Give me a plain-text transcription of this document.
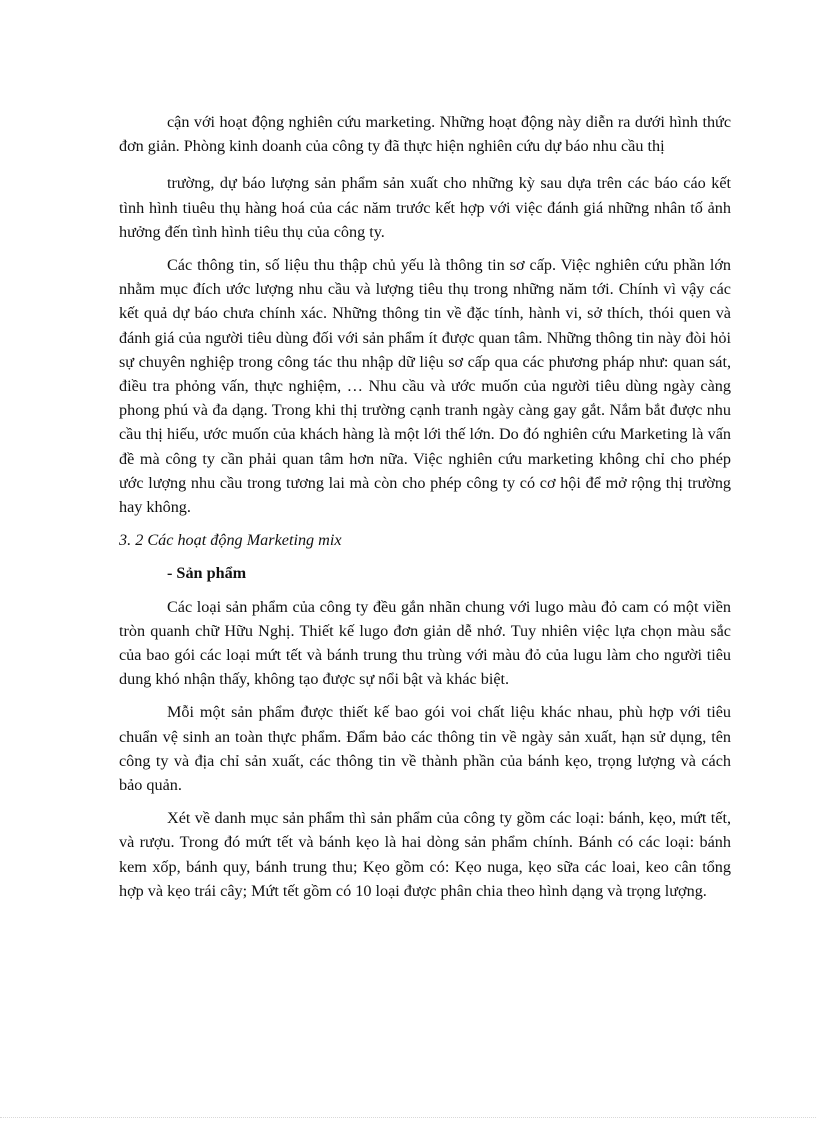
cận với hoạt động nghiên cứu marketing. Những hoạt động này diễn ra dưới hình thức đơn giản. Phòng kinh doanh của công ty đã thực hiện nghiên cứu dự báo nhu cầu thị

trường, dự báo lượng sản phẩm sản xuất cho những kỳ sau dựa trên các báo cáo kết tình hình tiuêu thụ hàng hoá của các năm trước kết hợp với việc đánh giá những nhân tố ảnh hưởng đến tình hình tiêu thụ của công ty.

Các thông tin, số liệu thu thập chủ yếu là thông tin sơ cấp. Việc nghiên cứu phần lớn nhằm mục đích ước lượng nhu cầu và lượng tiêu thụ trong những năm tới. Chính vì vậy các kết quả dự báo chưa chính xác. Những thông tin về đặc tính, hành vi, sở thích, thói quen và đánh giá của người tiêu dùng đối với sản phẩm ít được quan tâm. Những thông tin này đòi hỏi sự chuyên nghiệp trong công tác thu nhập dữ liệu sơ cấp qua các phương pháp như: quan sát, điều tra phỏng vấn, thực nghiệm, … Nhu cầu và ước muốn của người tiêu dùng ngày càng phong phú và đa dạng. Trong khi thị trường cạnh tranh ngày càng gay gắt. Nắm bắt được nhu cầu thị hiếu, ước muốn của khách hàng là một lới thế lớn. Do đó nghiên cứu Marketing là vấn đề mà công ty cần phải quan tâm hơn nữa. Việc nghiên cứu marketing không chỉ cho phép ước lượng nhu cầu trong tương lai mà còn cho phép công ty có cơ hội để mở rộng thị trường hay không.

3. 2 Các hoạt động Marketing mix

- Sản phẩm

Các loại sản phẩm của công ty đều gắn nhãn chung với lugo màu đỏ cam có một viền tròn quanh chữ Hữu Nghị. Thiết kế lugo đơn giản dễ nhớ. Tuy nhiên việc lựa chọn màu sắc của bao gói các loại mứt tết và bánh trung thu trùng với màu đỏ của lugu làm cho người tiêu dung khó nhận thấy, không tạo được sự nổi bật và khác biệt.

Mỗi một sản phẩm được thiết kế bao gói voi chất liệu khác nhau, phù hợp với tiêu chuẩn vệ sinh an toàn thực phẩm. Đẩm bảo các thông tin về ngày sản xuất, hạn sử dụng, tên công ty và địa chỉ sản xuất, các thông tin về thành phần của bánh kẹo, trọng lượng và cách bảo quản.

Xét về danh mục sản phẩm thì sản phẩm của công ty gồm các loại: bánh, kẹo, mứt tết, và rượu. Trong đó mứt tết và bánh kẹo là hai dòng sản phẩm chính. Bánh có các loại: bánh kem xốp, bánh quy, bánh trung thu; Kẹo gồm có: Kẹo nuga, kẹo sữa các loai, keo cân tổng hợp và kẹo trái cây; Mứt tết gồm có 10 loại được phân chia theo hình dạng và trọng lượng.
